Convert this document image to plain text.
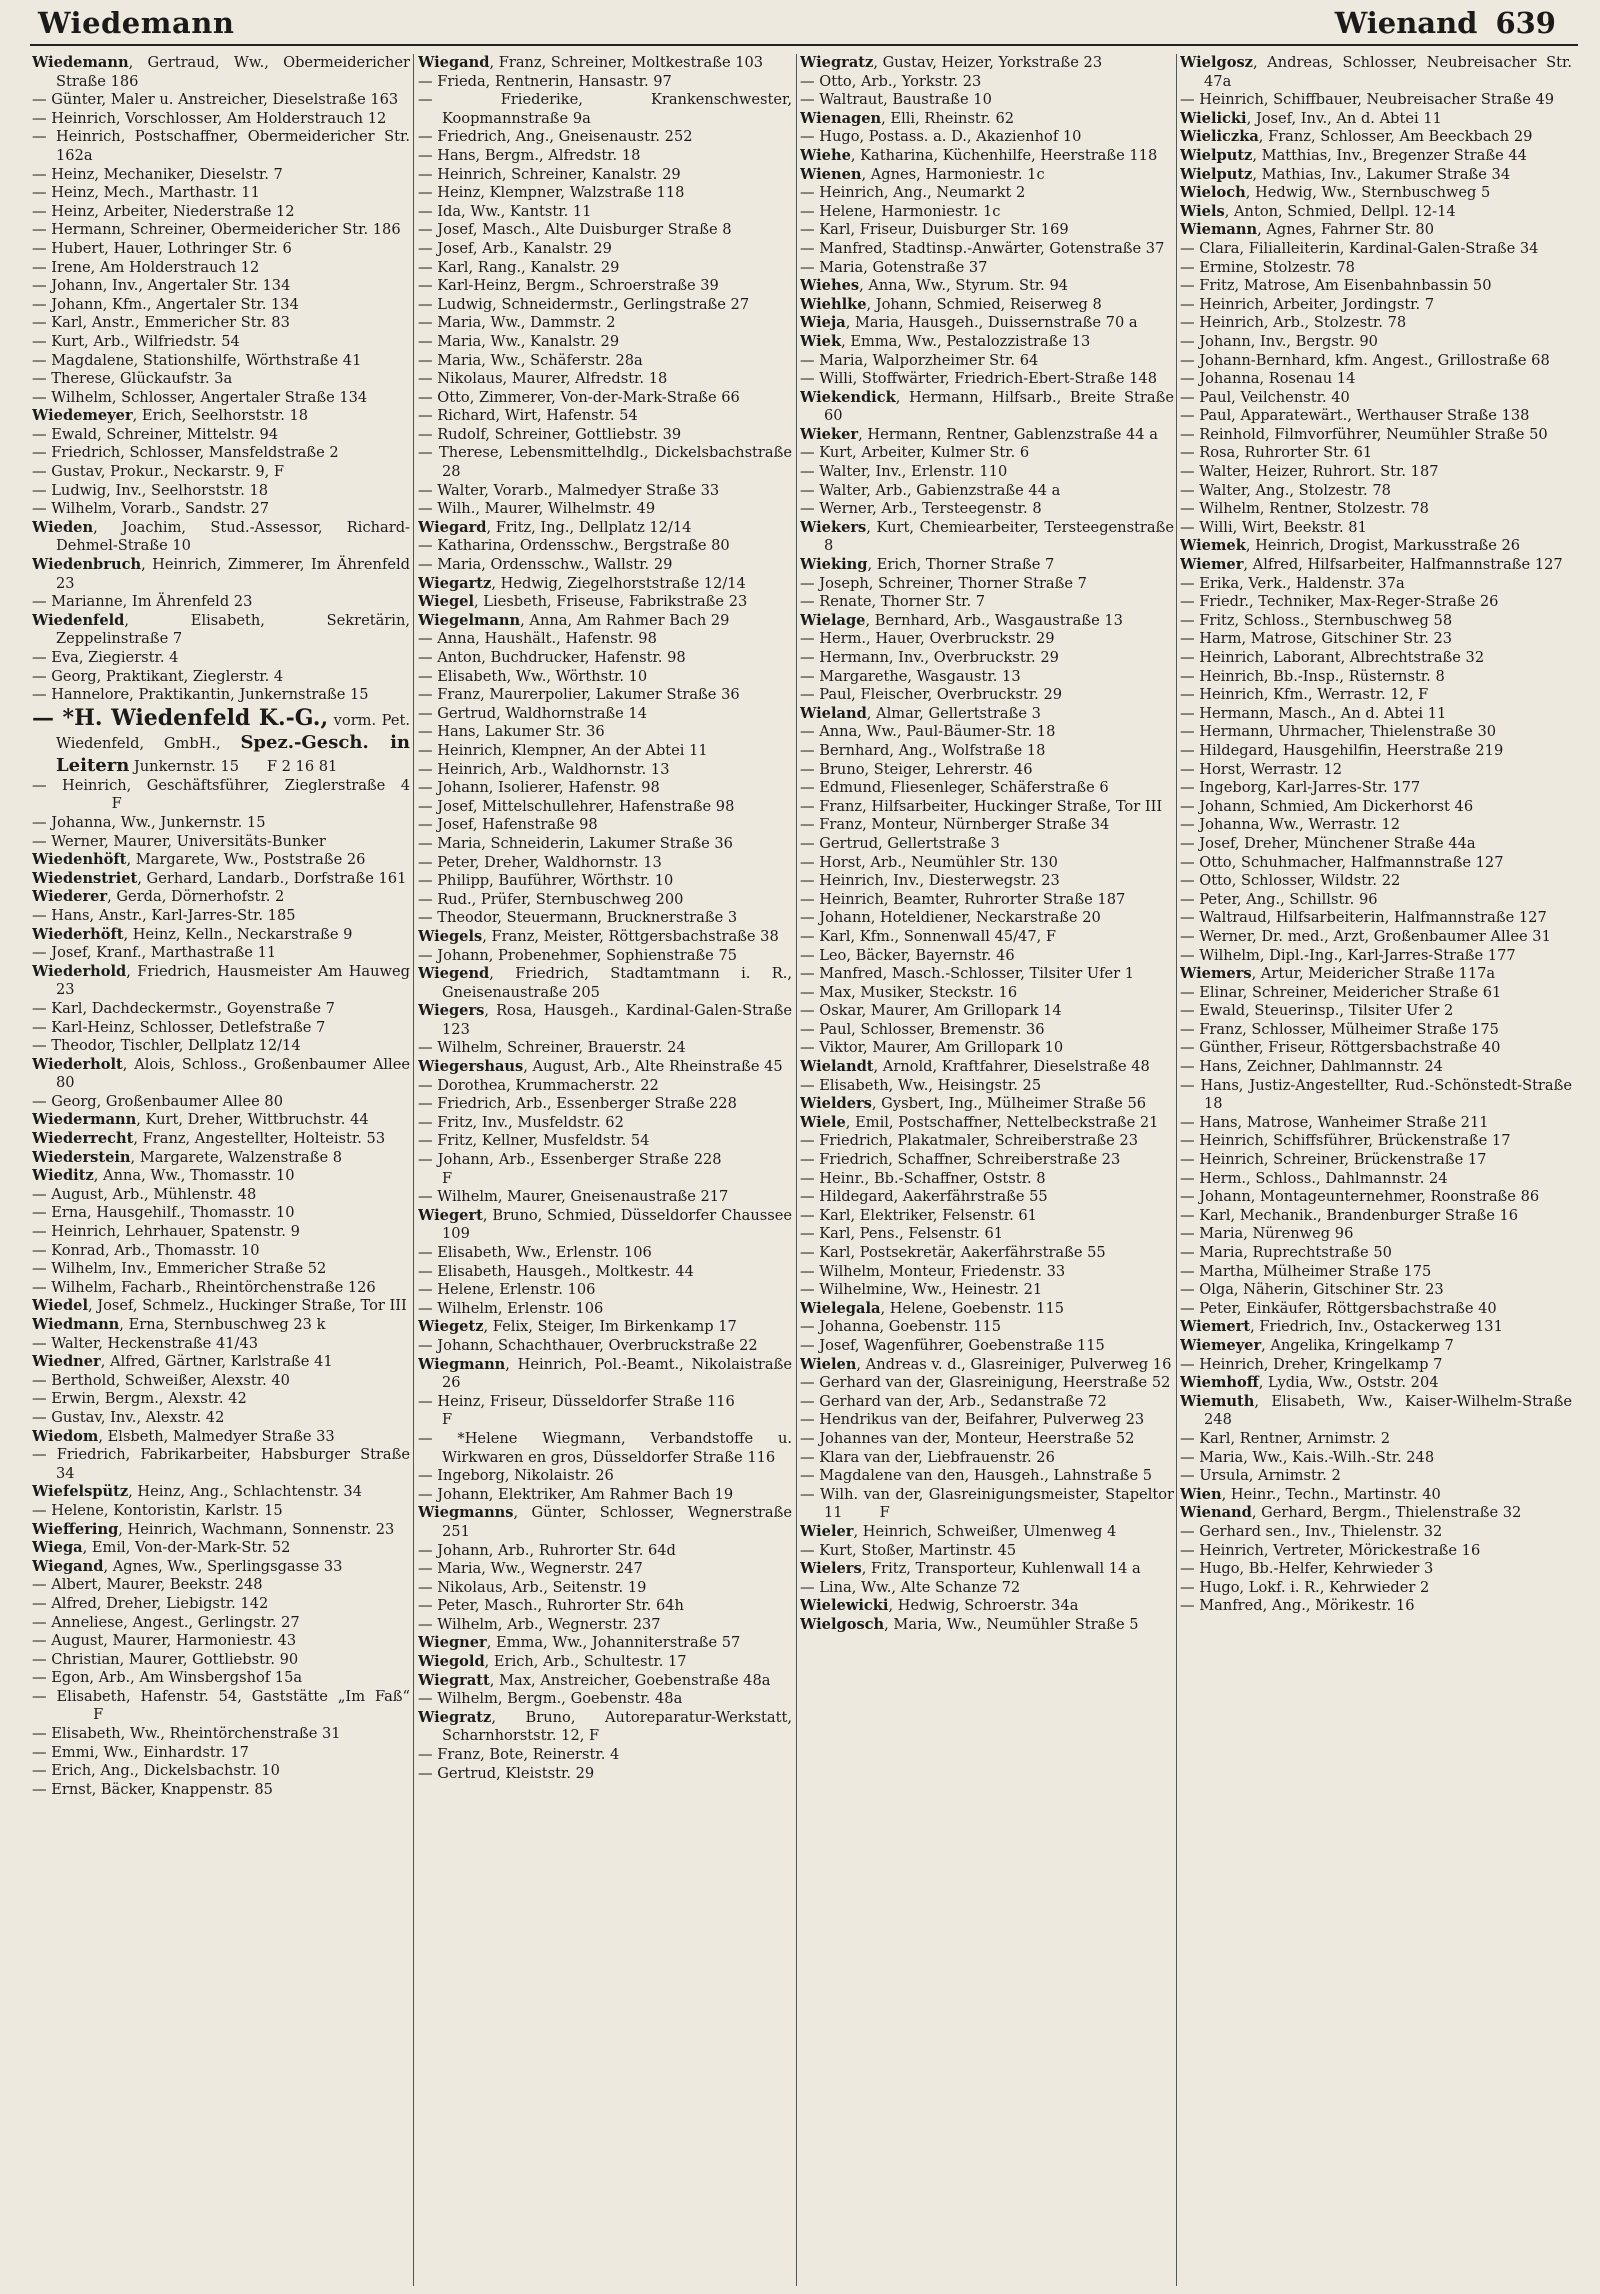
Wiedemann	Wienand 639

Wiedemann, Gertraud, Ww., Obermeidericher Straße 186

— Günter, Maler u. Anstreicher, Dieselstraße 163

— Heinrich, Vorschlosser, Am Holderstrauch 12

— Heinrich, Postschaffner, Obermeidericher Str. 162a

— Heinz, Mechaniker, Dieselstr. 7

— Heinz, Mech., Marthastr. 11

— Heinz, Arbeiter, Niederstraße 12

— Hermann, Schreiner, Obermeidericher Str. 186

— Hubert, Hauer, Lothringer Str. 6

— Irene, Am Holderstrauch 12

— Johann, Inv., Angertaler Str. 134

— Johann, Kfm., Angertaler Str. 134

— Karl, Anstr., Emmericher Str. 83

— Kurt, Arb., Wilfriedstr. 54

— Magdalene, Stationshilfe, Wörthstraße 41

— Therese, Glückaufstr. 3a

— Wilhelm, Schlosser, Angertaler Straße 134

Wiedemeyer, Erich, Seelhorststr. 18

— Ewald, Schreiner, Mittelstr. 94

— Friedrich, Schlosser, Mansfeldstraße 2

— Gustav, Prokur., Neckarstr. 9, F

— Ludwig, Inv., Seelhorststr. 18

— Wilhelm, Vorarb., Sandstr. 27

Wieden, Joachim, Stud.-Assessor, Richard-Dehmel-Straße 10

Wiedenbruch, Heinrich, Zimmerer, Im Ährenfeld 23

— Marianne, Im Ährenfeld 23

Wiedenfeld, Elisabeth, Sekretärin, Zeppelinstraße 7

— Eva, Ziegierstr. 4

— Georg, Praktikant, Zieglerstr. 4

— Hannelore, Praktikantin, Junkernstraße 15

— *H. Wiedenfeld K.-G., vorm. Pet. Wiedenfeld, GmbH., Spez.-Gesch. in Leitern Junkernstr. 15      F 2 16 81

— Heinrich, Geschäftsführer, Zieglerstraße 4             F

— Johanna, Ww., Junkernstr. 15

— Werner, Maurer, Universitäts-Bunker

Wiedenhöft, Margarete, Ww., Poststraße 26

Wiedenstriet, Gerhard, Landarb., Dorfstraße 161

Wiederer, Gerda, Dörnerhofstr. 2

— Hans, Anstr., Karl-Jarres-Str. 185

Wiederhöft, Heinz, Kelln., Neckarstraße 9

— Josef, Kranf., Marthastraße 11

Wiederhold, Friedrich, Hausmeister Am Hauweg 23

— Karl, Dachdeckermstr., Goyenstraße 7

— Karl-Heinz, Schlosser, Detlefstraße 7

— Theodor, Tischler, Dellplatz 12/14

Wiederholt, Alois, Schloss., Großenbaumer Allee 80

— Georg, Großenbaumer Allee 80

Wiedermann, Kurt, Dreher, Wittbruchstr. 44

Wiederrecht, Franz, Angestellter, Holteistr. 53

Wiederstein, Margarete, Walzenstraße 8

Wieditz, Anna, Ww., Thomasstr. 10

— August, Arb., Mühlenstr. 48

— Erna, Hausgehilf., Thomasstr. 10

— Heinrich, Lehrhauer, Spatenstr. 9

— Konrad, Arb., Thomasstr. 10

— Wilhelm, Inv., Emmericher Straße 52

— Wilhelm, Facharb., Rheintörchenstraße 126

Wiedel, Josef, Schmelz., Huckinger Straße, Tor III

Wiedmann, Erna, Sternbuschweg 23 k

— Walter, Heckenstraße 41/43

Wiedner, Alfred, Gärtner, Karlstraße 41

— Berthold, Schweißer, Alexstr. 40

— Erwin, Bergm., Alexstr. 42

— Gustav, Inv., Alexstr. 42

Wiedom, Elsbeth, Malmedyer Straße 33

— Friedrich, Fabrikarbeiter, Habsburger Straße 34

Wiefelspütz, Heinz, Ang., Schlachtenstr. 34

— Helene, Kontoristin, Karlstr. 15

Wieffering, Heinrich, Wachmann, Sonnenstr. 23

Wiega, Emil, Von-der-Mark-Str. 52

Wiegand, Agnes, Ww., Sperlingsgasse 33

— Albert, Maurer, Beekstr. 248

— Alfred, Dreher, Liebigstr. 142

— Anneliese, Angest., Gerlingstr. 27

— August, Maurer, Harmoniestr. 43

— Christian, Maurer, Gottliebstr. 90

— Egon, Arb., Am Winsbergshof 15a

— Elisabeth, Hafenstr. 54, Gaststätte „Im Faß“         F

— Elisabeth, Ww., Rheintörchenstraße 31

— Emmi, Ww., Einhardstr. 17

— Erich, Ang., Dickelsbachstr. 10

— Ernst, Bäcker, Knappenstr. 85

Wiegand, Franz, Schreiner, Moltkestraße 103

— Frieda, Rentnerin, Hansastr. 97

— Friederike, Krankenschwester, Koopmannstraße 9a

— Friedrich, Ang., Gneisenaustr. 252

— Hans, Bergm., Alfredstr. 18

— Heinrich, Schreiner, Kanalstr. 29

— Heinz, Klempner, Walzstraße 118

— Ida, Ww., Kantstr. 11

— Josef, Masch., Alte Duisburger Straße 8

— Josef, Arb., Kanalstr. 29

— Karl, Rang., Kanalstr. 29

— Karl-Heinz, Bergm., Schroerstraße 39

— Ludwig, Schneidermstr., Gerlingstraße 27

— Maria, Ww., Dammstr. 2

— Maria, Ww., Kanalstr. 29

— Maria, Ww., Schäferstr. 28a

— Nikolaus, Maurer, Alfredstr. 18

— Otto, Zimmerer, Von-der-Mark-Straße 66

— Richard, Wirt, Hafenstr. 54

— Rudolf, Schreiner, Gottliebstr. 39

— Therese, Lebensmittelhdlg., Dickelsbachstraße 28

— Walter, Vorarb., Malmedyer Straße 33

— Wilh., Maurer, Wilhelmstr. 49

Wiegard, Fritz, Ing., Dellplatz 12/14

— Katharina, Ordensschw., Bergstraße 80

— Maria, Ordensschw., Wallstr. 29

Wiegartz, Hedwig, Ziegelhorststraße 12/14

Wiegel, Liesbeth, Friseuse, Fabrikstraße 23

Wiegelmann, Anna, Am Rahmer Bach 29

— Anna, Haushält., Hafenstr. 98

— Anton, Buchdrucker, Hafenstr. 98

— Elisabeth, Ww., Wörthstr. 10

— Franz, Maurerpolier, Lakumer Straße 36

— Gertrud, Waldhornstraße 14

— Hans, Lakumer Str. 36

— Heinrich, Klempner, An der Abtei 11

— Heinrich, Arb., Waldhornstr. 13

— Johann, Isolierer, Hafenstr. 98

— Josef, Mittelschullehrer, Hafenstraße 98

— Josef, Hafenstraße 98

— Maria, Schneiderin, Lakumer Straße 36

— Peter, Dreher, Waldhornstr. 13

— Philipp, Bauführer, Wörthstr. 10

— Rud., Prüfer, Sternbuschweg 200

— Theodor, Steuermann, Brucknerstraße 3

Wiegels, Franz, Meister, Röttgersbachstraße 38

— Johann, Probenehmer, Sophienstraße 75

Wiegend, Friedrich, Stadtamtmann i. R., Gneisenaustraße 205

Wiegers, Rosa, Hausgeh., Kardinal-Galen-Straße 123

— Wilhelm, Schreiner, Brauerstr. 24

Wiegershaus, August, Arb., Alte Rheinstraße 45

— Dorothea, Krummacherstr. 22

— Friedrich, Arb., Essenberger Straße 228

— Fritz, Inv., Musfeldstr. 62

— Fritz, Kellner, Musfeldstr. 54

— Johann, Arb., Essenberger Straße 228               F

— Wilhelm, Maurer, Gneisenaustraße 217

Wiegert, Bruno, Schmied, Düsseldorfer Chaussee 109

— Elisabeth, Ww., Erlenstr. 106

— Elisabeth, Hausgeh., Moltkestr. 44

— Helene, Erlenstr. 106

— Wilhelm, Erlenstr. 106

Wiegetz, Felix, Steiger, Im Birkenkamp 17

— Johann, Schachthauer, Overbruckstraße 22

Wiegmann, Heinrich, Pol.-Beamt., Nikolaistraße 26

— Heinz, Friseur, Düsseldorfer Straße 116             F

— *Helene Wiegmann, Verbandstoffe u. Wirkwaren en gros, Düsseldorfer Straße 116

— Ingeborg, Nikolaistr. 26

— Johann, Elektriker, Am Rahmer Bach 19

Wiegmanns, Günter, Schlosser, Wegnerstraße 251

— Johann, Arb., Ruhrorter Str. 64d

— Maria, Ww., Wegnerstr. 247

— Nikolaus, Arb., Seitenstr. 19

— Peter, Masch., Ruhrorter Str. 64h

— Wilhelm, Arb., Wegnerstr. 237

Wiegner, Emma, Ww., Johanniterstraße 57

Wiegold, Erich, Arb., Schultestr. 17

Wiegratt, Max, Anstreicher, Goebenstraße 48a

— Wilhelm, Bergm., Goebenstr. 48a

Wiegratz, Bruno, Autoreparatur-Werkstatt, Scharnhorststr. 12, F

— Franz, Bote, Reinerstr. 4

— Gertrud, Kleiststr. 29

Wiegratz, Gustav, Heizer, Yorkstraße 23

— Otto, Arb., Yorkstr. 23

— Waltraut, Baustraße 10

Wienagen, Elli, Rheinstr. 62

— Hugo, Postass. a. D., Akazienhof 10

Wiehe, Katharina, Küchenhilfe, Heerstraße 118

Wienen, Agnes, Harmoniestr. 1c

— Heinrich, Ang., Neumarkt 2

— Helene, Harmoniestr. 1c

— Karl, Friseur, Duisburger Str. 169

— Manfred, Stadtinsp.-Anwärter, Gotenstraße 37

— Maria, Gotenstraße 37

Wiehes, Anna, Ww., Styrum. Str. 94

Wiehlke, Johann, Schmied, Reiserweg 8

Wieja, Maria, Hausgeh., Duissernstraße 70 a

Wiek, Emma, Ww., Pestalozzistraße 13

— Maria, Walporzheimer Str. 64

— Willi, Stoffwärter, Friedrich-Ebert-Straße 148

Wiekendick, Hermann, Hilfsarb., Breite Straße 60

Wieker, Hermann, Rentner, Gablenzstraße 44 a

— Kurt, Arbeiter, Kulmer Str. 6

— Walter, Inv., Erlenstr. 110

— Walter, Arb., Gabienzstraße 44 a

— Werner, Arb., Tersteegenstr. 8

Wiekers, Kurt, Chemiearbeiter, Tersteegenstraße 8

Wieking, Erich, Thorner Straße 7

— Joseph, Schreiner, Thorner Straße 7

— Renate, Thorner Str. 7

Wielage, Bernhard, Arb., Wasgaustraße 13

— Herm., Hauer, Overbruckstr. 29

— Hermann, Inv., Overbruckstr. 29

— Margarethe, Wasgaustr. 13

— Paul, Fleischer, Overbruckstr. 29

Wieland, Almar, Gellertstraße 3

— Anna, Ww., Paul-Bäumer-Str. 18

— Bernhard, Ang., Wolfstraße 18

— Bruno, Steiger, Lehrerstr. 46

— Edmund, Fliesenleger, Schäferstraße 6

— Franz, Hilfsarbeiter, Huckinger Straße, Tor III

— Franz, Monteur, Nürnberger Straße 34

— Gertrud, Gellertstraße 3

— Horst, Arb., Neumühler Str. 130

— Heinrich, Inv., Diesterwegstr. 23

— Heinrich, Beamter, Ruhrorter Straße 187

— Johann, Hoteldiener, Neckarstraße 20

— Karl, Kfm., Sonnenwall 45/47, F

— Leo, Bäcker, Bayernstr. 46

— Manfred, Masch.-Schlosser, Tilsiter Ufer 1

— Max, Musiker, Steckstr. 16

— Oskar, Maurer, Am Grillopark 14

— Paul, Schlosser, Bremenstr. 36

— Viktor, Maurer, Am Grillopark 10

Wielandt, Arnold, Kraftfahrer, Dieselstraße 48

— Elisabeth, Ww., Heisingstr. 25

Wielders, Gysbert, Ing., Mülheimer Straße 56

Wiele, Emil, Postschaffner, Nettelbeckstraße 21

— Friedrich, Plakatmaler, Schreiberstraße 23

— Friedrich, Schaffner, Schreiberstraße 23

— Heinr., Bb.-Schaffner, Oststr. 8

— Hildegard, Aakerfährstraße 55

— Karl, Elektriker, Felsenstr. 61

— Karl, Pens., Felsenstr. 61

— Karl, Postsekretär, Aakerfährstraße 55

— Wilhelm, Monteur, Friedenstr. 33

— Wilhelmine, Ww., Heinestr. 21

Wielegala, Helene, Goebenstr. 115

— Johanna, Goebenstr. 115

— Josef, Wagenführer, Goebenstraße 115

Wielen, Andreas v. d., Glasreiniger, Pulverweg 16

— Gerhard van der, Glasreinigung, Heerstraße 52

— Gerhard van der, Arb., Sedanstraße 72

— Hendrikus van der, Beifahrer, Pulverweg 23

— Johannes van der, Monteur, Heerstraße 52

— Klara van der, Liebfrauenstr. 26

— Magdalene van den, Hausgeh., Lahnstraße 5

— Wilh. van der, Glasreinigungsmeister, Stapeltor 11        F

Wieler, Heinrich, Schweißer, Ulmenweg 4

— Kurt, Stoßer, Martinstr. 45

Wielers, Fritz, Transporteur, Kuhlenwall 14 a

— Lina, Ww., Alte Schanze 72

Wielewicki, Hedwig, Schroerstr. 34a

Wielgosch, Maria, Ww., Neumühler Straße 5

Wielgosz, Andreas, Schlosser, Neubreisacher Str. 47a

— Heinrich, Schiffbauer, Neubreisacher Straße 49

Wielicki, Josef, Inv., An d. Abtei 11

Wieliczka, Franz, Schlosser, Am Beeckbach 29

Wielputz, Matthias, Inv., Bregenzer Straße 44

Wielputz, Mathias, Inv., Lakumer Straße 34

Wieloch, Hedwig, Ww., Sternbuschweg 5

Wiels, Anton, Schmied, Dellpl. 12-14

Wiemann, Agnes, Fahrner Str. 80

— Clara, Filialleiterin, Kardinal-Galen-Straße 34

— Ermine, Stolzestr. 78

— Fritz, Matrose, Am Eisenbahnbassin 50

— Heinrich, Arbeiter, Jordingstr. 7

— Heinrich, Arb., Stolzestr. 78

— Johann, Inv., Bergstr. 90

— Johann-Bernhard, kfm. Angest., Grillostraße 68

— Johanna, Rosenau 14

— Paul, Veilchenstr. 40

— Paul, Apparatewärt., Werthauser Straße 138

— Reinhold, Filmvorführer, Neumühler Straße 50

— Rosa, Ruhrorter Str. 61

— Walter, Heizer, Ruhrort. Str. 187

— Walter, Ang., Stolzestr. 78

— Wilhelm, Rentner, Stolzestr. 78

— Willi, Wirt, Beekstr. 81

Wiemek, Heinrich, Drogist, Markusstraße 26

Wiemer, Alfred, Hilfsarbeiter, Halfmannstraße 127

— Erika, Verk., Haldenstr. 37a

— Friedr., Techniker, Max-Reger-Straße 26

— Fritz, Schloss., Sternbuschweg 58

— Harm, Matrose, Gitschiner Str. 23

— Heinrich, Laborant, Albrechtstraße 32

— Heinrich, Bb.-Insp., Rüsternstr. 8

— Heinrich, Kfm., Werrastr. 12, F

— Hermann, Masch., An d. Abtei 11

— Hermann, Uhrmacher, Thielenstraße 30

— Hildegard, Hausgehilfin, Heerstraße 219

— Horst, Werrastr. 12

— Ingeborg, Karl-Jarres-Str. 177

— Johann, Schmied, Am Dickerhorst 46

— Johanna, Ww., Werrastr. 12

— Josef, Dreher, Münchener Straße 44a

— Otto, Schuhmacher, Halfmannstraße 127

— Otto, Schlosser, Wildstr. 22

— Peter, Ang., Schillstr. 96

— Waltraud, Hilfsarbeiterin, Halfmannstraße 127

— Werner, Dr. med., Arzt, Großenbaumer Allee 31

— Wilhelm, Dipl.-Ing., Karl-Jarres-Straße 177

Wiemers, Artur, Meidericher Straße 117a

— Elinar, Schreiner, Meidericher Straße 61

— Ewald, Steuerinsp., Tilsiter Ufer 2

— Franz, Schlosser, Mülheimer Straße 175

— Günther, Friseur, Röttgersbachstraße 40

— Hans, Zeichner, Dahlmannstr. 24

— Hans, Justiz-Angestellter, Rud.-Schönstedt-Straße 18

— Hans, Matrose, Wanheimer Straße 211

— Heinrich, Schiffsführer, Brückenstraße 17

— Heinrich, Schreiner, Brückenstraße 17

— Herm., Schloss., Dahlmannstr. 24

— Johann, Montageunternehmer, Roonstraße 86

— Karl, Mechanik., Brandenburger Straße 16

— Maria, Nürenweg 96

— Maria, Ruprechtstraße 50

— Martha, Mülheimer Straße 175

— Olga, Näherin, Gitschiner Str. 23

— Peter, Einkäufer, Röttgersbachstraße 40

Wiemert, Friedrich, Inv., Ostackerweg 131

Wiemeyer, Angelika, Kringelkamp 7

— Heinrich, Dreher, Kringelkamp 7

Wiemhoff, Lydia, Ww., Oststr. 204

Wiemuth, Elisabeth, Ww., Kaiser-Wilhelm-Straße 248

— Karl, Rentner, Arnimstr. 2

— Maria, Ww., Kais.-Wilh.-Str. 248

— Ursula, Arnimstr. 2

Wien, Heinr., Techn., Martinstr. 40

Wienand, Gerhard, Bergm., Thielenstraße 32

— Gerhard sen., Inv., Thielenstr. 32

— Heinrich, Vertreter, Mörickestraße 16

— Hugo, Bb.-Helfer, Kehrwieder 3

— Hugo, Lokf. i. R., Kehrwieder 2

— Manfred, Ang., Mörikestr. 16
